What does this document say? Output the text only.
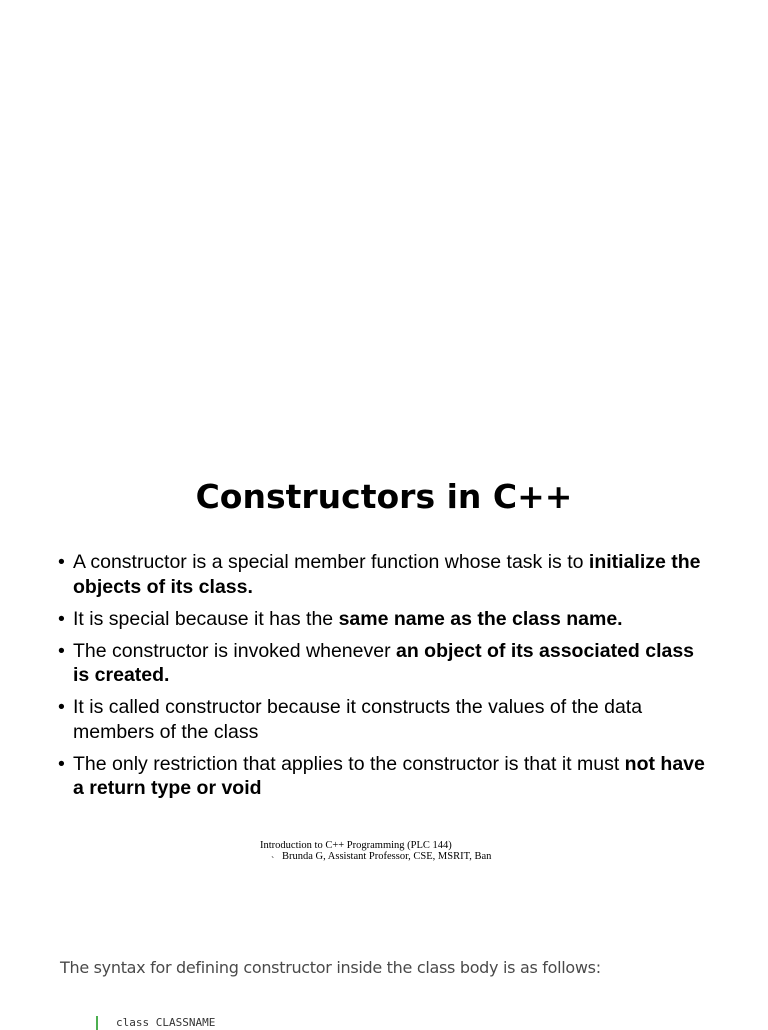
Constructors in C++
• A constructor is a special member function whose task is to initialize the objects of its class.
• It is special because it has the same name as the class name.
• The constructor is invoked whenever an object of its associated class is created.
• It is called constructor because it constructs the values of the data members of the class
• The only restriction that applies to the constructor is that it must not have a return type or void
Introduction to C++ Programming (PLC 144)
Brunda G, Assistant Professor, CSE, MSRIT, Ban
`
The syntax for defining constructor inside the class body is as follows:
class CLASSNAME
